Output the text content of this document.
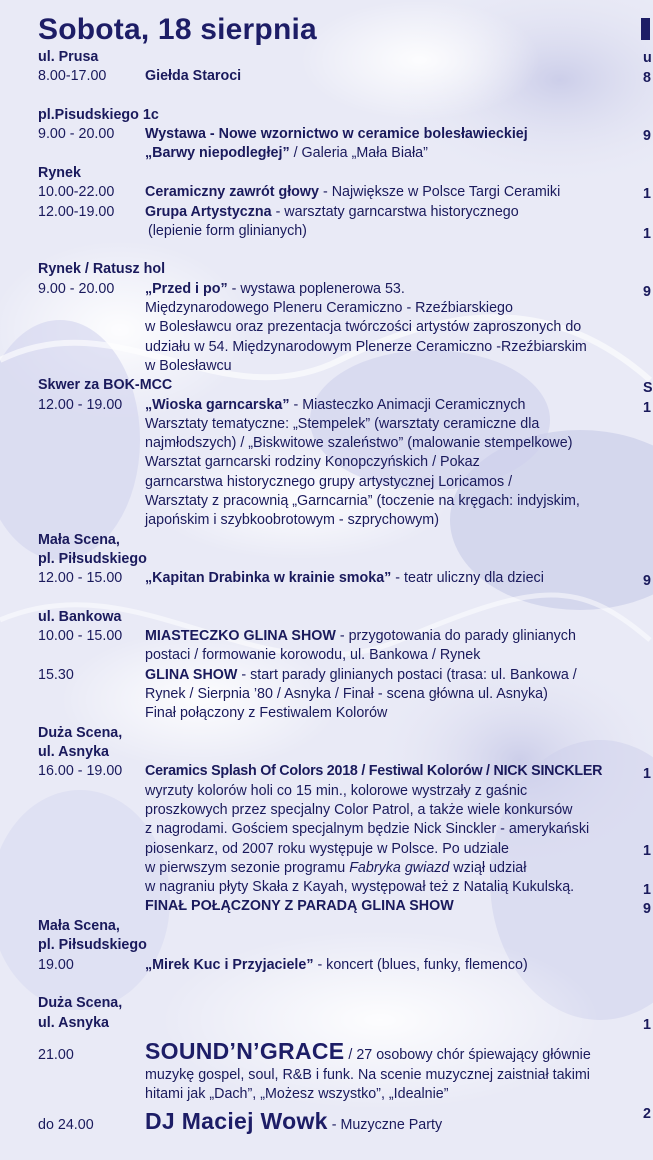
Sobota, 18 sierpnia
ul. Prusa
8.00-17.00	Giełda Staroci
pl.Pisudskiego 1c
9.00 - 20.00 Wystawa - Nowe wzornictwo w ceramice bolesławieckiej
„Barwy niepodległej” / Galeria „Mała Biała”
Rynek
10.00-22.00 Ceramiczny zawrót głowy - Największe w Polsce Targi Ceramiki
12.00-19.00 Grupa Artystyczna - warsztaty garncarstwa historycznego
(lepienie form glinianych)
Rynek / Ratusz hol
9.00 - 20.00 „Przed i po” - wystawa poplenerowa 53.
Międzynarodowego Pleneru Ceramiczno - Rzeźbiarskiego
w Bolesławcu oraz prezentacja twórczości artystów zaproszonych do
udziału w 54. Międzynarodowym Plenerze Ceramiczno -Rzeźbiarskim
w Bolesławcu
Skwer za BOK-MCC
12.00 - 19.00 „Wioska garncarska” - Miasteczko Animacji Ceramicznych
Warsztaty tematyczne: „Stempelek” (warsztaty ceramiczne dla
najmłodszych) / „Biskwitowe szaleństwo” (malowanie stempelkowe)
Warsztat garncarski rodziny Konopczyńskich / Pokaz
garncarstwa historycznego grupy artystycznej Loricamos /
Warsztaty z pracownią „Garncarnia” (toczenie na kręgach: indyjskim,
japońskim i szybkoobrotowym - szprychowym)
Mała Scena,
pl. Piłsudskiego
12.00 - 15.00 „Kapitan Drabinka w krainie smoka” - teatr uliczny dla dzieci
ul. Bankowa
10.00 - 15.00 MIASTECZKO GLINA SHOW - przygotowania do parady glinianych
postaci / formowanie korowodu, ul. Bankowa / Rynek
15.30	GLINA SHOW - start parady glinianych postaci (trasa: ul. Bankowa /
Rynek / Sierpnia ’80 / Asnyka / Finał - scena główna ul. Asnyka)
Finał połączony z Festiwalem Kolorów
Duża Scena,
ul. Asnyka
16.00 - 19.00 Ceramics Splash Of Colors 2018 / Festiwal Kolorów / NICK SINCKLER
wyrzuty kolorów holi co 15 min., kolorowe wystrzały z gaśnic
proszkowych przez specjalny Color Patrol, a także wiele konkursów
z nagrodami. Gościem specjalnym będzie Nick Sinckler - amerykański
piosenkarz, od 2007 roku występuje w Polsce. Po udziale
w pierwszym sezonie programu Fabryka gwiazd wziął udział
w nagraniu płyty Skała z Kayah, występował też z Natalią Kukulską.
FINAŁ POŁĄCZONY Z PARADĄ GLINA SHOW
Mała Scena,
pl. Piłsudskiego
19.00	„Mirek Kuc i Przyjaciele” - koncert (blues, funky, flemenco)
Duża Scena,
ul. Asnyka
21.00	SOUND’N’GRACE / 27 osobowy chór śpiewający głównie
muzykę gospel, soul, R&B i funk. Na scenie muzycznej zaistniał takimi
hitami jak „Dach”, „Możesz wszystko”, „Idealnie”
do 24.00 DJ Maciej Wowk - Muzyczne Party
u
8
9
1
1
9
S
1
9
1
1
1
9
1
2
